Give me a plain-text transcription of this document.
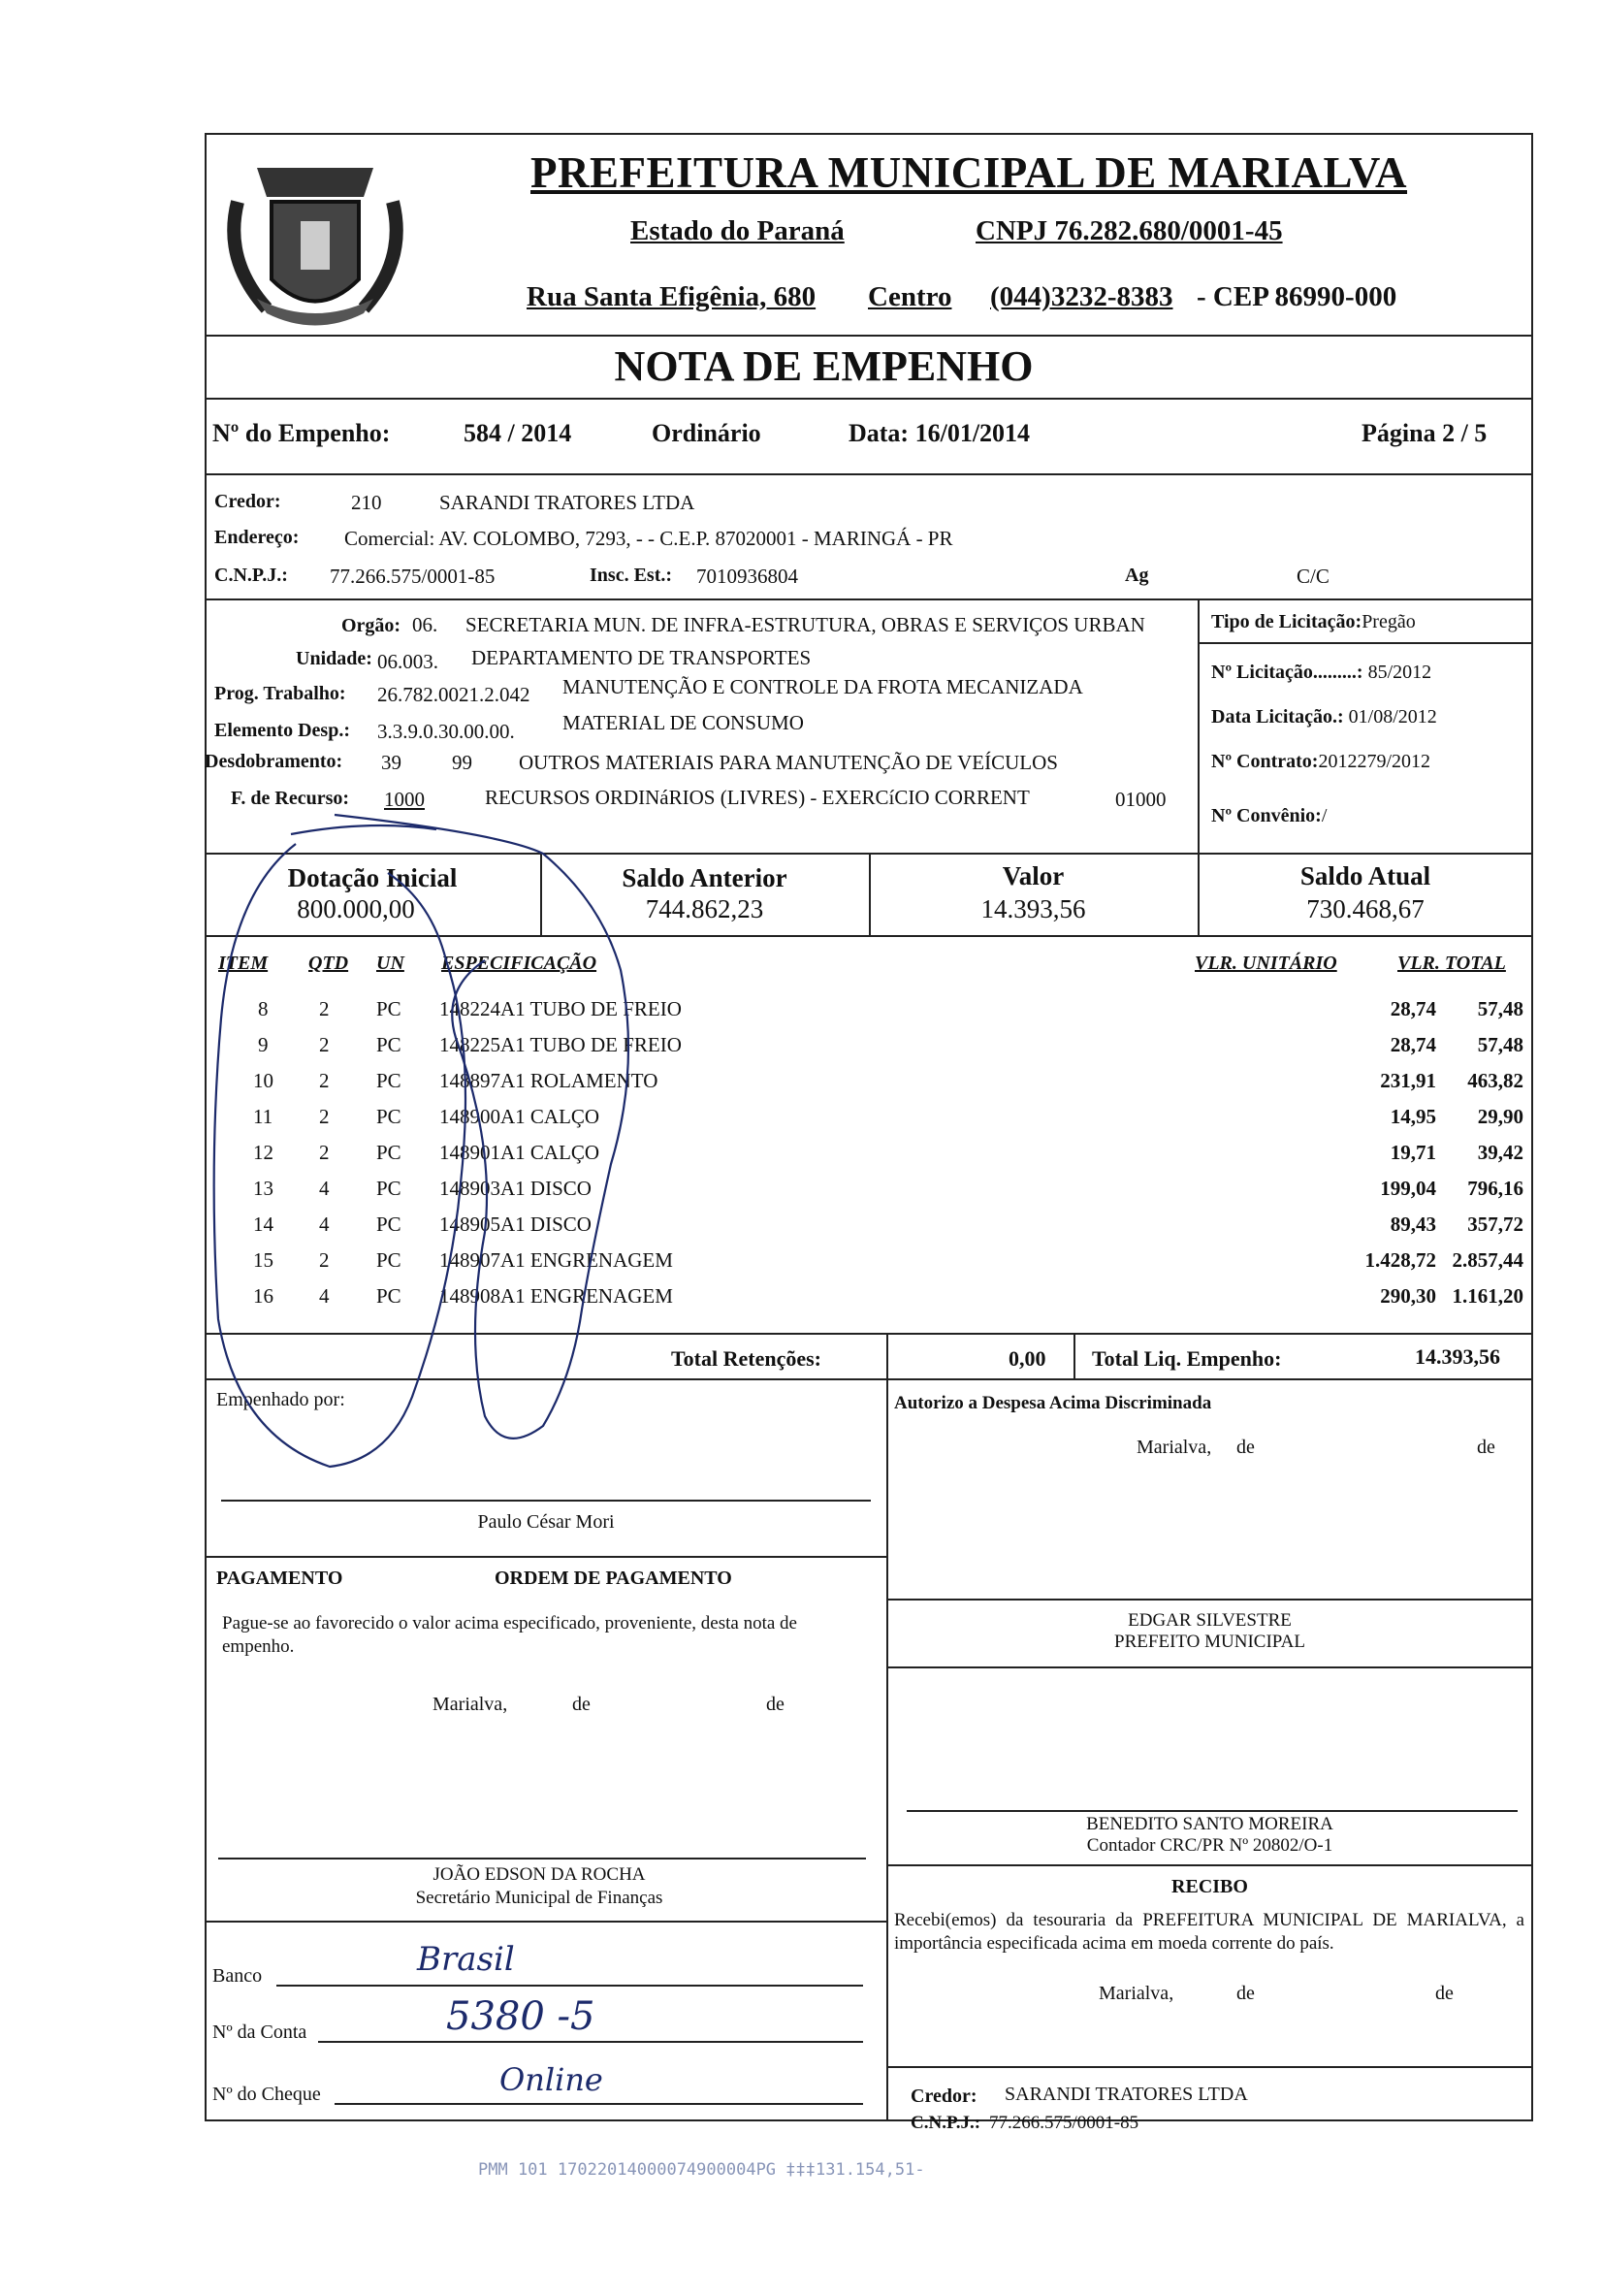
PREFEITURA MUNICIPAL DE MARIALVA
Estado do Paraná	CNPJ 76.282.680/0001-45
Rua Santa Efigênia, 680 Centro (044)3232-8383 - CEP 86990-000
NOTA DE EMPENHO
Nº do Empenho:	584 / 2014	Ordinário	Data: 16/01/2014	Página 2 / 5
Credor:	210	SARANDI TRATORES LTDA
Endereço: Comercial: AV. COLOMBO, 7293, - - C.E.P. 87020001 - MARINGÁ - PR
C.N.P.J.: 77.266.575/0001-85	Insc. Est.: 7010936804	Ag	C/C
Orgão: 06. SECRETARIA MUN. DE INFRA-ESTRUTURA, OBRAS E SERVIÇOS URBAN
Unidade: 06.003. DEPARTAMENTO DE TRANSPORTES
Prog. Trabalho: 26.782.0021.2.042 MANUTENÇÃO E CONTROLE DA FROTA MECANIZADA
Elemento Desp.: 3.3.9.0.30.00.00. MATERIAL DE CONSUMO
Desdobramento: 39 99 OUTROS MATERIAIS PARA MANUTENÇÃO DE VEÍCULOS
F. de Recurso: 1000	RECURSOS ORDINáRIOS (LIVRES) - EXERCíCIO CORRENT	01000
Tipo de Licitação:Pregão
Nº Licitação.........: 85/2012
Data Licitação.: 01/08/2012
Nº Contrato:2012279/2012
Nº Convênio:/
Dotação Inicial
800.000,00
Saldo Anterior
744.862,23
Valor
14.393,56
Saldo Atual
730.468,67
ITEM QTD UN ESPECIFICAÇÃO	VLR. UNITÁRIO	VLR. TOTAL
8	2 PC 148224A1 TUBO DE FREIO	28,74	57,48
9	2 PC 148225A1 TUBO DE FREIO	28,74	57,48
10 2 PC 148897A1 ROLAMENTO	231,91	463,82
11 2 PC 148900A1 CALÇO	14,95	29,90
12 2 PC 148901A1 CALÇO	19,71	39,42
13 4 PC 148903A1 DISCO	199,04	796,16
14 4 PC 148905A1 DISCO	89,43	357,72
15 2 PC 148907A1 ENGRENAGEM	1.428,72 2.857,44
16 4 PC 148908A1 ENGRENAGEM	290,30 1.161,20
Total Retenções:	0,00 Total Liq. Empenho:	14.393,56
Empenhado por:
Paulo César Mori
Autorizo a Despesa Acima Discriminada
Marialva, de	de
PAGAMENTO	ORDEM DE PAGAMENTO
Pague-se ao favorecido o valor acima especificado, proveniente, desta nota de empenho.
Marialva,	de	de
EDGAR SILVESTRE
PREFEITO MUNICIPAL
BENEDITO SANTO MOREIRA
Contador CRC/PR Nº 20802/O-1
JOÃO EDSON DA ROCHA
Secretário Municipal de Finanças
RECIBO
Recebi(emos) da tesouraria da PREFEITURA MUNICIPAL DE MARIALVA, a importância especificada acima em moeda corrente do país.
Marialva,	de	de
Credor: SARANDI TRATORES LTDA
C.N.P.J.: 77.266.575/0001-85
Banco	Brasil
Nº da Conta	5380 -5
Nº do Cheque	Online
PMM 101 17022014000074900004PG ‡‡‡131.154,51-
